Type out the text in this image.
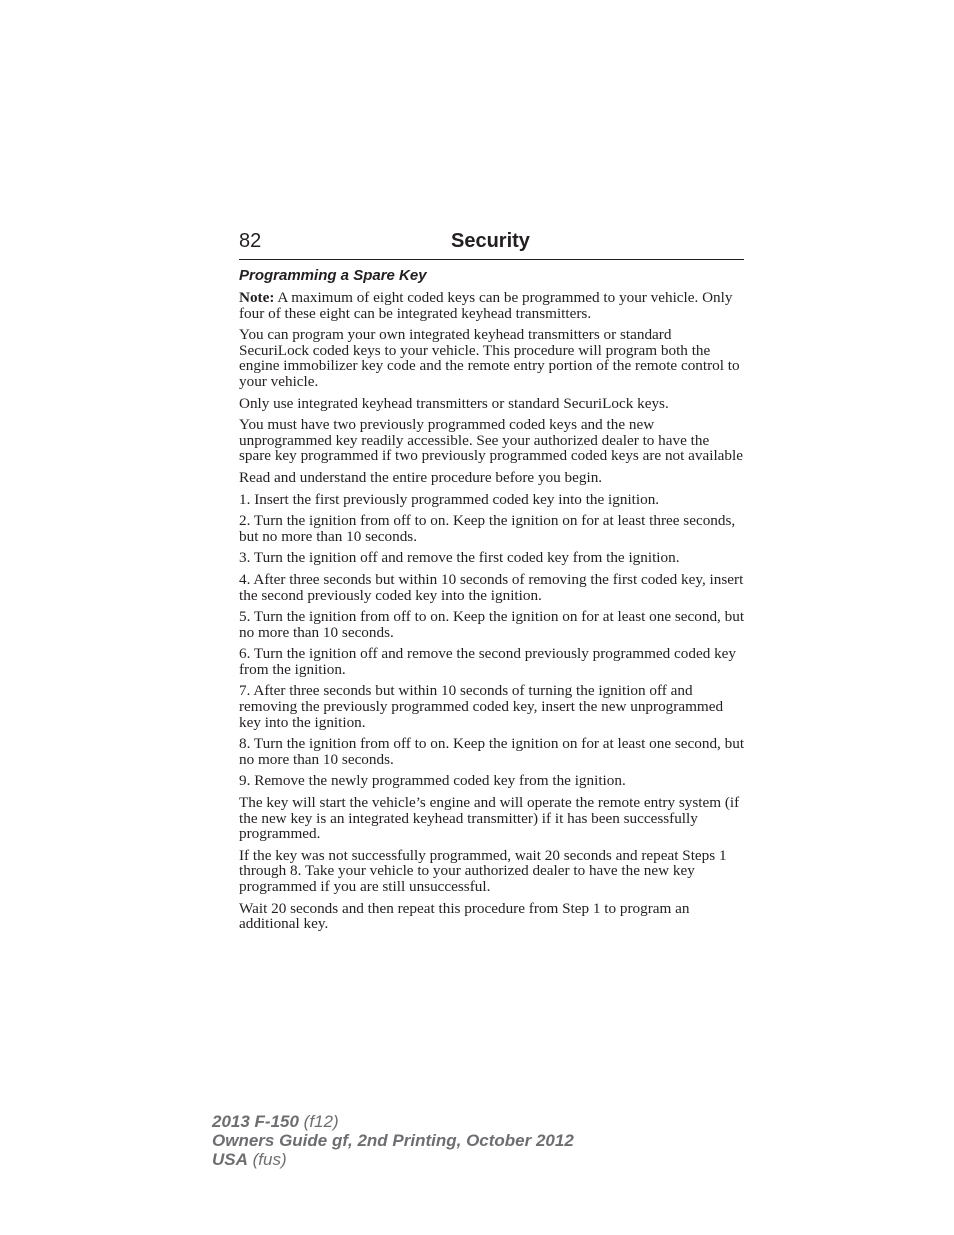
82	Security
Programming a Spare Key

Note: A maximum of eight coded keys can be programmed to your vehicle. Only four of these eight can be integrated keyhead transmitters.

You can program your own integrated keyhead transmitters or standard SecuriLock coded keys to your vehicle. This procedure will program both the engine immobilizer key code and the remote entry portion of the remote control to your vehicle.

Only use integrated keyhead transmitters or standard SecuriLock keys.

You must have two previously programmed coded keys and the new unprogrammed key readily accessible. See your authorized dealer to have the spare key programmed if two previously programmed coded keys are not available

Read and understand the entire procedure before you begin.

1. Insert the first previously programmed coded key into the ignition.

2. Turn the ignition from off to on. Keep the ignition on for at least three seconds, but no more than 10 seconds.

3. Turn the ignition off and remove the first coded key from the ignition.

4. After three seconds but within 10 seconds of removing the first coded key, insert the second previously coded key into the ignition.

5. Turn the ignition from off to on. Keep the ignition on for at least one second, but no more than 10 seconds.

6. Turn the ignition off and remove the second previously programmed coded key from the ignition.

7. After three seconds but within 10 seconds of turning the ignition off and removing the previously programmed coded key, insert the new unprogrammed key into the ignition.

8. Turn the ignition from off to on. Keep the ignition on for at least one second, but no more than 10 seconds.

9. Remove the newly programmed coded key from the ignition.

The key will start the vehicle’s engine and will operate the remote entry system (if the new key is an integrated keyhead transmitter) if it has been successfully programmed.

If the key was not successfully programmed, wait 20 seconds and repeat Steps 1 through 8. Take your vehicle to your authorized dealer to have the new key programmed if you are still unsuccessful.

Wait 20 seconds and then repeat this procedure from Step 1 to program an additional key.

2013 F-150 (f12)
Owners Guide gf, 2nd Printing, October 2012
USA (fus)
